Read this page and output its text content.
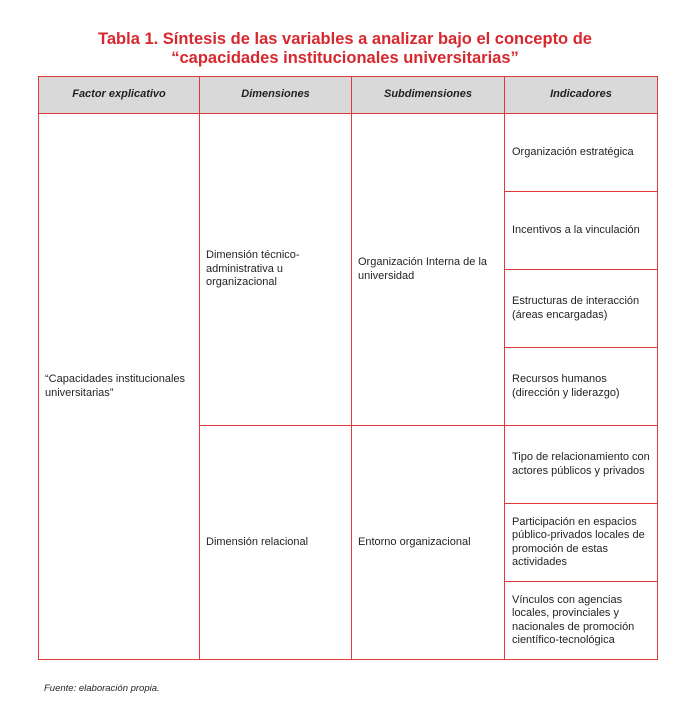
Tabla 1. Síntesis de las variables a analizar bajo el concepto de
“capacidades institucionales universitarias”
Factor explicativo	Dimensiones	Subdimensiones	Indicadores
“Capacidades institucionales universitarias”	Dimensión técnico-administrativa u organizacional	Organización Interna de la universidad	Organización estratégica
			Incentivos a la vinculación
			Estructuras de interacción (áreas encargadas)
			Recursos humanos (dirección y liderazgo)
	Dimensión relacional	Entorno organizacional	Tipo de relacionamiento con actores públicos y privados
			Participación en espacios público-privados locales de promoción de estas actividades
			Vínculos con agencias locales, provinciales y nacionales de promoción científico-tecnológica
Fuente: elaboración propia.
